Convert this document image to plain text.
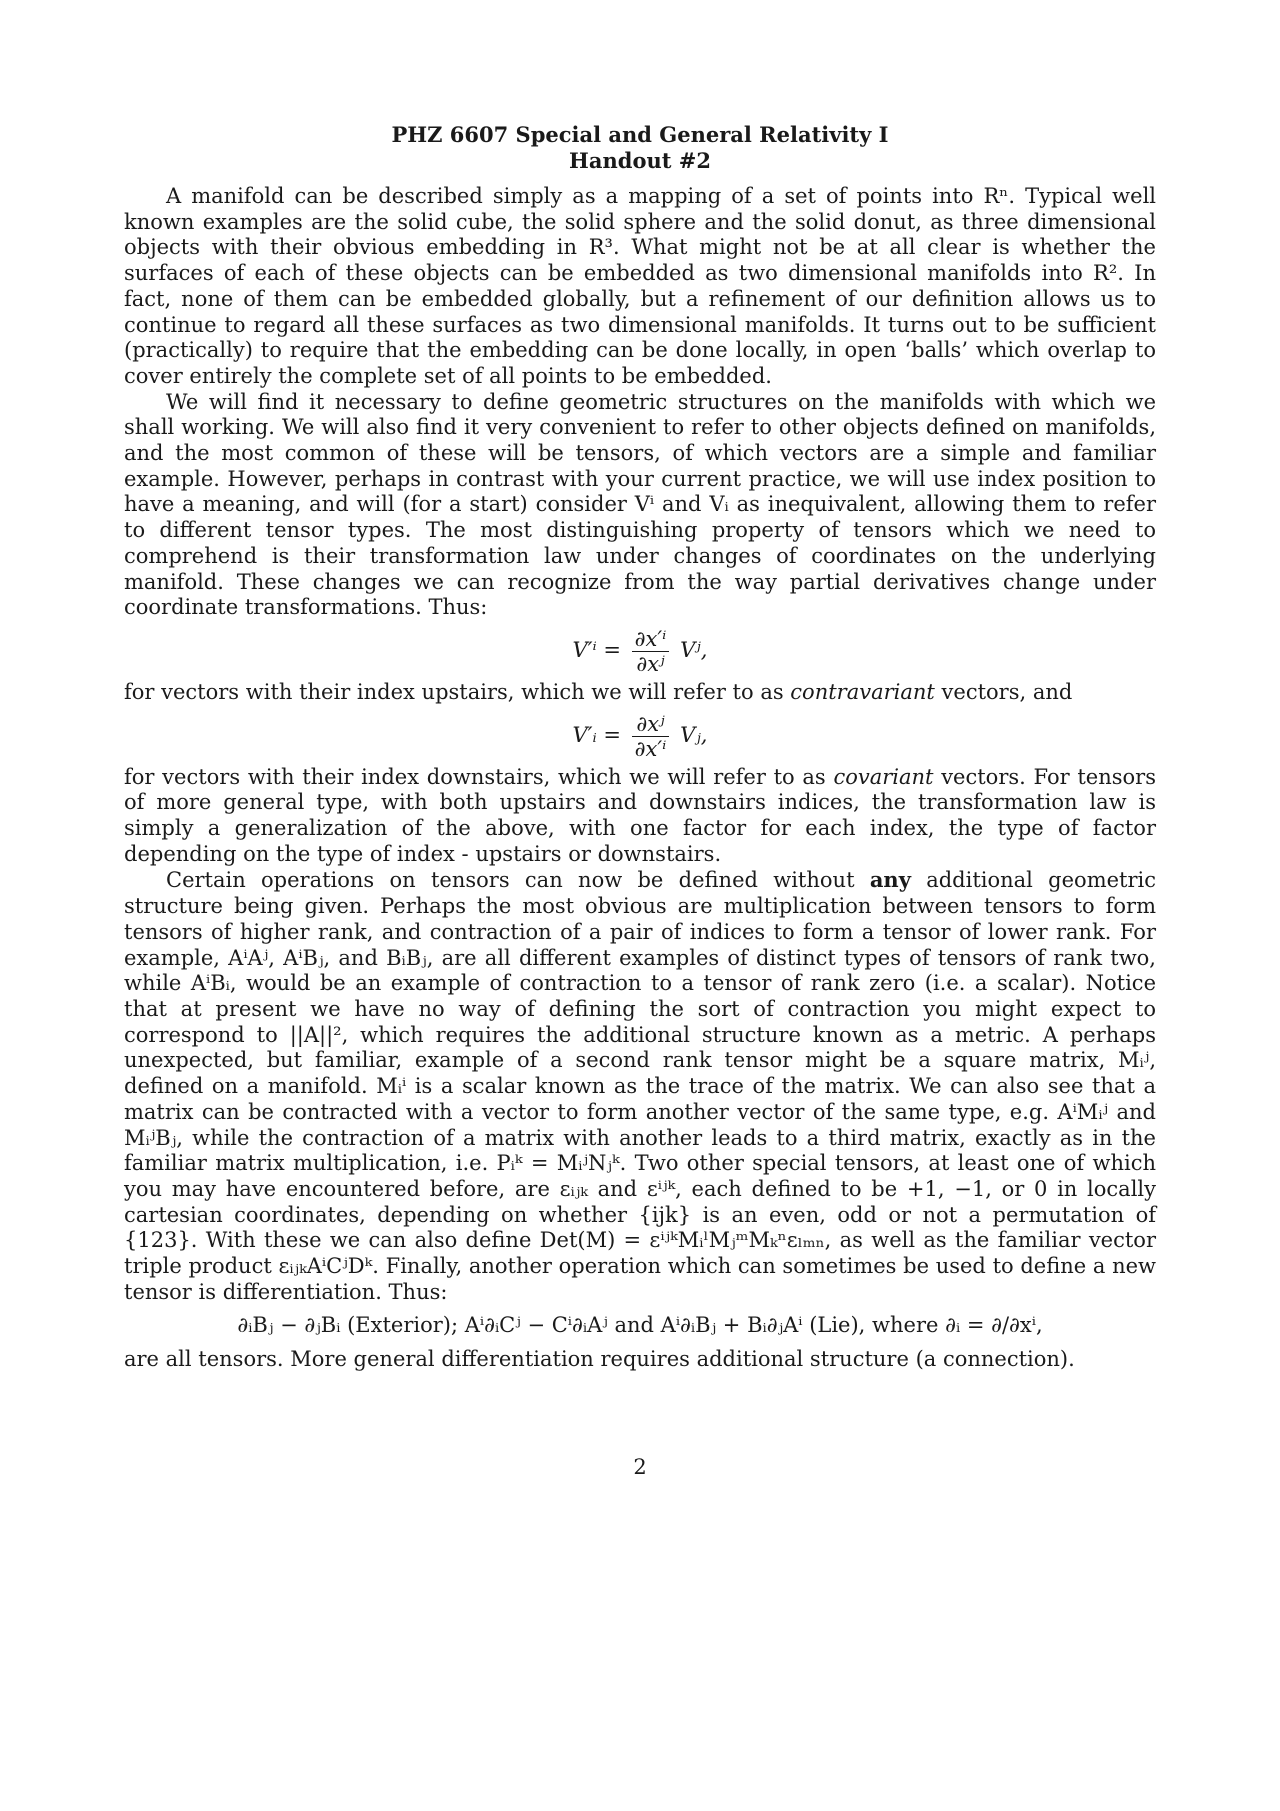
PHZ 6607 Special and General Relativity I
Handout #2

A manifold can be described simply as a mapping of a set of points into Rⁿ. Typical well known examples are the solid cube, the solid sphere and the solid donut, as three dimensional objects with their obvious embedding in R³. What might not be at all clear is whether the surfaces of each of these objects can be embedded as two dimensional manifolds into R². In fact, none of them can be embedded globally, but a refinement of our definition allows us to continue to regard all these surfaces as two dimensional manifolds. It turns out to be sufficient (practically) to require that the embedding can be done locally, in open ‘balls’ which overlap to cover entirely the complete set of all points to be embedded.

We will find it necessary to define geometric structures on the manifolds with which we shall working. We will also find it very convenient to refer to other objects defined on manifolds, and the most common of these will be tensors, of which vectors are a simple and familiar example. However, perhaps in contrast with your current practice, we will use index position to have a meaning, and will (for a start) consider Vⁱ and Vᵢ as inequivalent, allowing them to refer to different tensor types. The most distinguishing property of tensors which we need to comprehend is their transformation law under changes of coordinates on the underlying manifold. These changes we can recognize from the way partial derivatives change under coordinate transformations. Thus:

$V'^i = \frac{\text{∂x′ⁱ}}{\text{∂xʲ}}$ Vʲ,

for vectors with their index upstairs, which we will refer to as contravariant vectors, and

V′ᵢ = $\frac{\text{∂xʲ}}{\text{∂x′ⁱ}}$ Vⱼ,

for vectors with their index downstairs, which we will refer to as covariant vectors. For tensors of more general type, with both upstairs and downstairs indices, the transformation law is simply a generalization of the above, with one factor for each index, the type of factor depending on the type of index - upstairs or downstairs.

Certain operations on tensors can now be defined without any additional geometric structure being given. Perhaps the most obvious are multiplication between tensors to form tensors of higher rank, and contraction of a pair of indices to form a tensor of lower rank. For example, AⁱAʲ, AⁱBⱼ, and BᵢBⱼ, are all different examples of distinct types of tensors of rank two, while AⁱBᵢ, would be an example of contraction to a tensor of rank zero (i.e. a scalar). Notice that at present we have no way of defining the sort of contraction you might expect to correspond to ||A||², which requires the additional structure known as a metric. A perhaps unexpected, but familiar, example of a second rank tensor might be a square matrix, Mᵢʲ, defined on a manifold. Mᵢⁱ is a scalar known as the trace of the matrix. We can also see that a matrix can be contracted with a vector to form another vector of the same type, e.g. AⁱMᵢʲ and MᵢʲBⱼ, while the contraction of a matrix with another leads to a third matrix, exactly as in the familiar matrix multiplication, i.e. Pᵢᵏ = MᵢʲNⱼᵏ. Two other special tensors, at least one of which you may have encountered before, are εᵢⱼₖ and εⁱʲᵏ, each defined to be +1, −1, or 0 in locally cartesian coordinates, depending on whether {ijk} is an even, odd or not a permutation of {123}. With these we can also define Det(M) = εⁱʲᵏMᵢˡMⱼᵐMₖⁿεₗₘₙ, as well as the familiar vector triple product εᵢⱼₖAⁱCʲDᵏ. Finally, another operation which can sometimes be used to define a new tensor is differentiation. Thus:

∂ᵢBⱼ − ∂ⱼBᵢ (Exterior); Aⁱ∂ᵢCʲ − Cⁱ∂ᵢAʲ and Aⁱ∂ᵢBⱼ + Bᵢ∂ⱼAⁱ (Lie), where ∂ᵢ = ∂/∂xⁱ,

are all tensors. More general differentiation requires additional structure (a connection).

2
